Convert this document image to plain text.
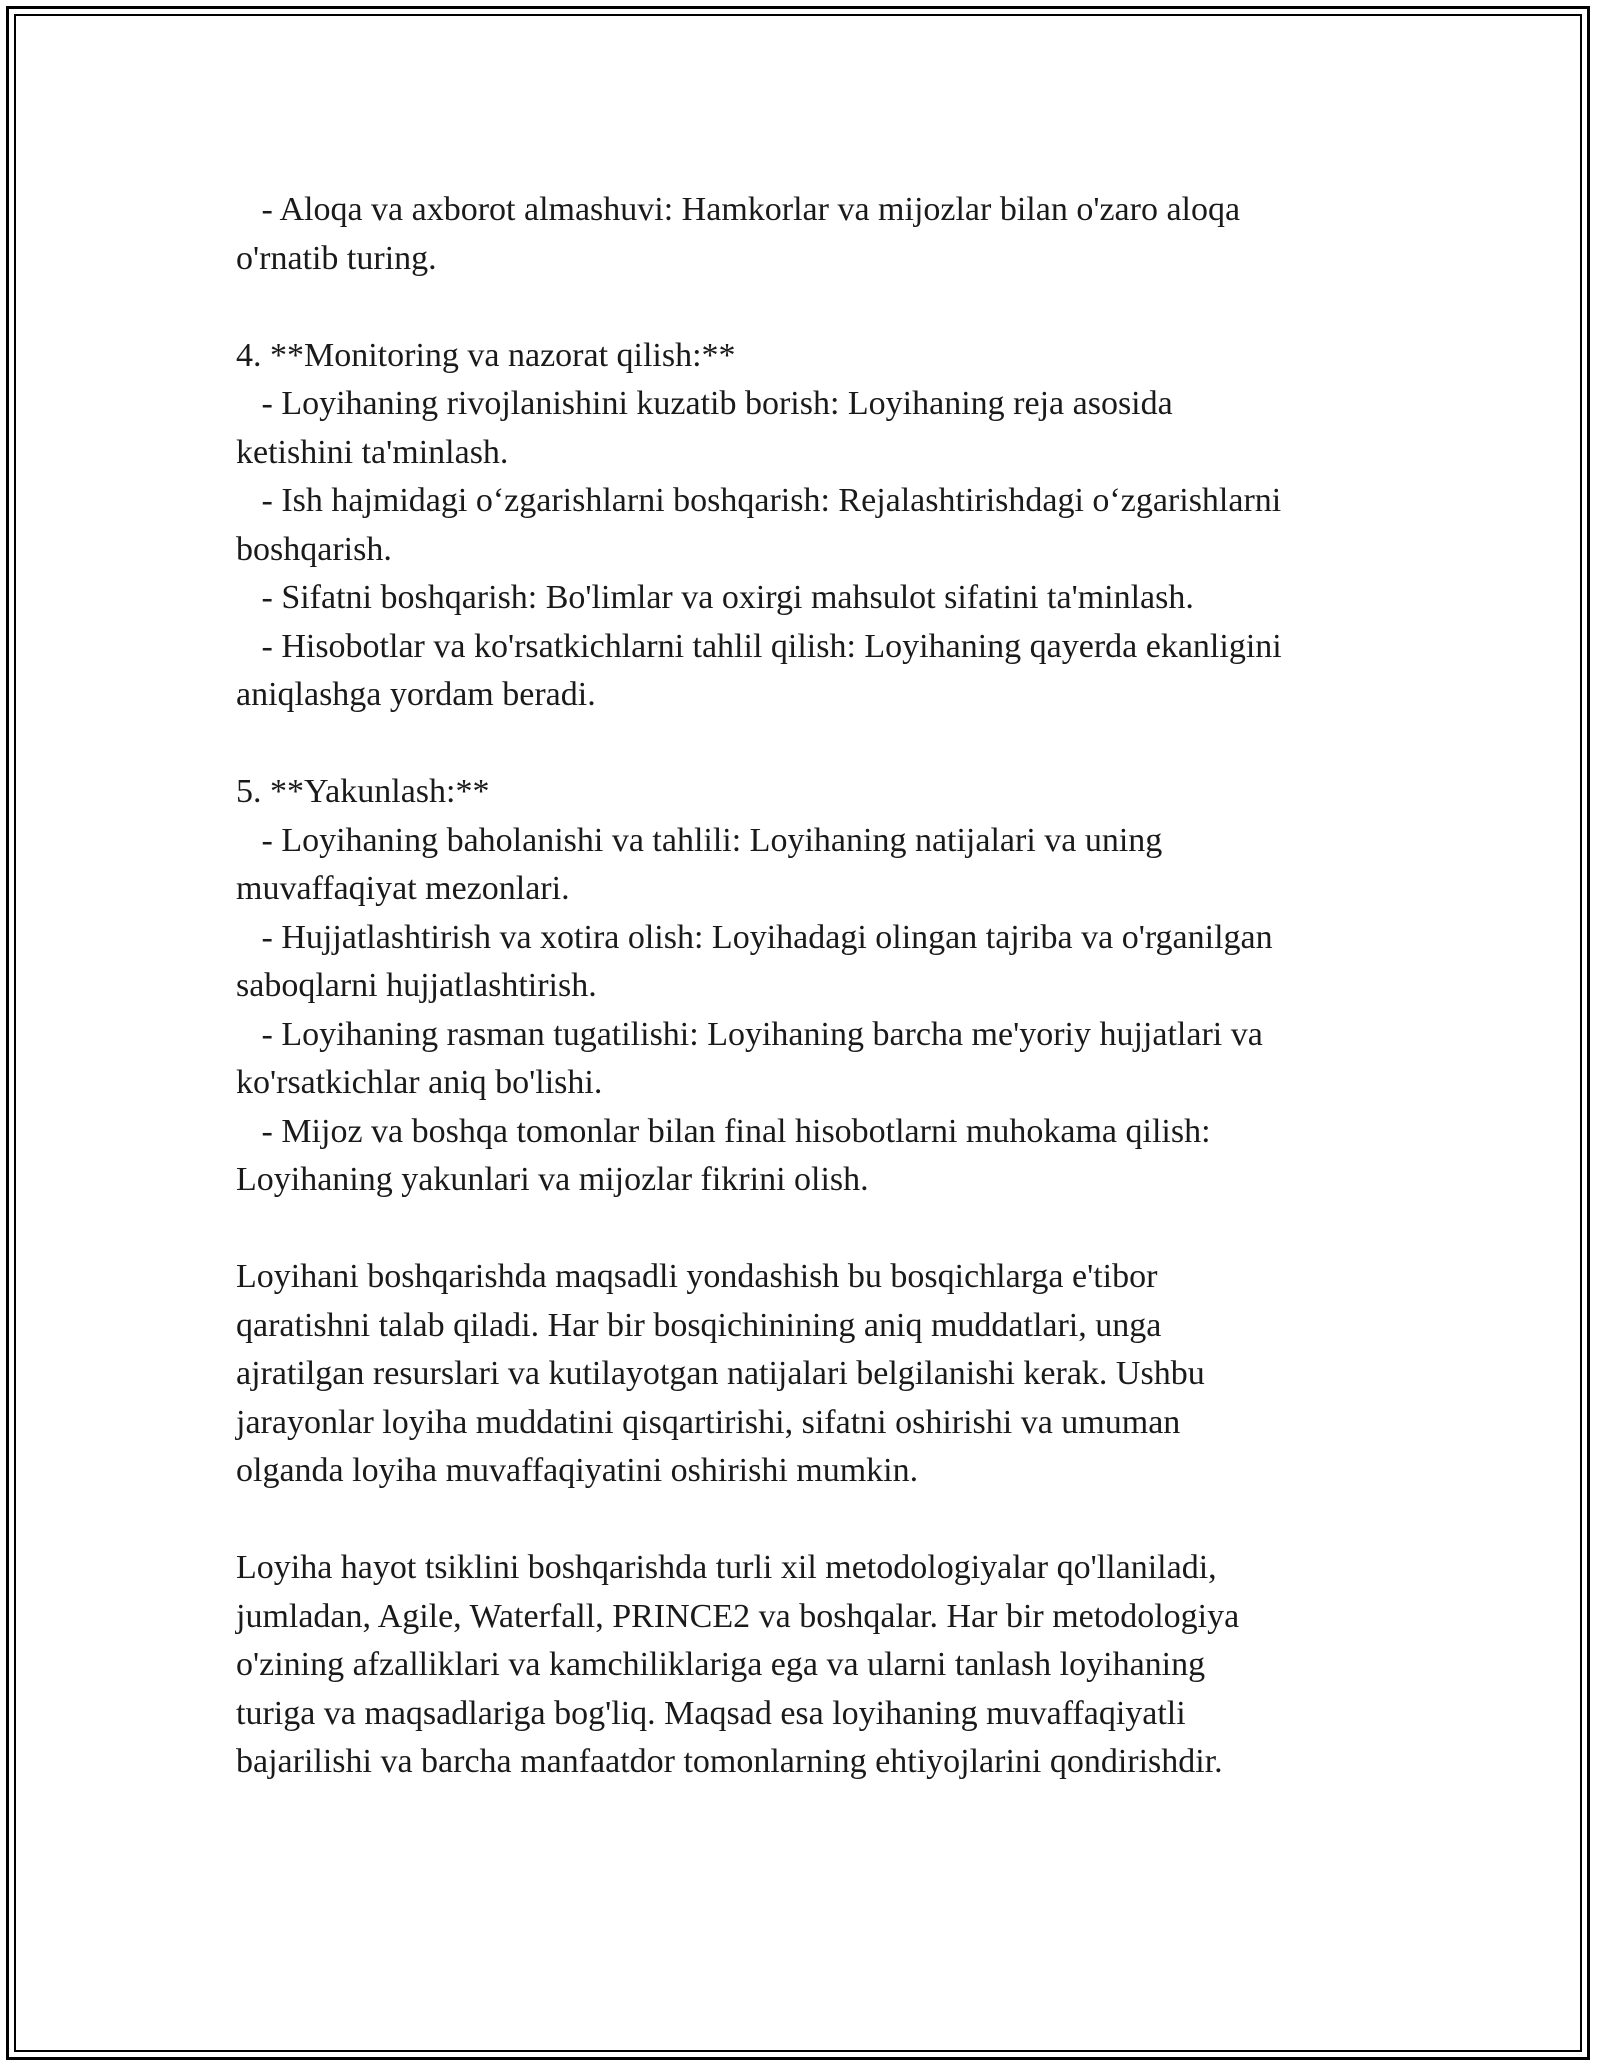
- Aloqa va axborot almashuvi: Hamkorlar va mijozlar bilan o'zaro aloqa

o'rnatib turing.

4. **Monitoring va nazorat qilish:**

- Loyihaning rivojlanishini kuzatib borish: Loyihaning reja asosida

ketishini ta'minlash.

- Ish hajmidagi o‘zgarishlarni boshqarish: Rejalashtirishdagi o‘zgarishlarni

boshqarish.

- Sifatni boshqarish: Bo'limlar va oxirgi mahsulot sifatini ta'minlash.

- Hisobotlar va ko'rsatkichlarni tahlil qilish: Loyihaning qayerda ekanligini

aniqlashga yordam beradi.

5. **Yakunlash:**

- Loyihaning baholanishi va tahlili: Loyihaning natijalari va uning

muvaffaqiyat mezonlari.

- Hujjatlashtirish va xotira olish: Loyihadagi olingan tajriba va o'rganilgan

saboqlarni hujjatlashtirish.

- Loyihaning rasman tugatilishi: Loyihaning barcha me'yoriy hujjatlari va

ko'rsatkichlar aniq bo'lishi.

- Mijoz va boshqa tomonlar bilan final hisobotlarni muhokama qilish:

Loyihaning yakunlari va mijozlar fikrini olish.

Loyihani boshqarishda maqsadli yondashish bu bosqichlarga e'tibor

qaratishni talab qiladi. Har bir bosqichinining aniq muddatlari, unga

ajratilgan resurslari va kutilayotgan natijalari belgilanishi kerak. Ushbu

jarayonlar loyiha muddatini qisqartirishi, sifatni oshirishi va umuman

olganda loyiha muvaffaqiyatini oshirishi mumkin.

Loyiha hayot tsiklini boshqarishda turli xil metodologiyalar qo'llaniladi,

jumladan, Agile, Waterfall, PRINCE2 va boshqalar. Har bir metodologiya

o'zining afzalliklari va kamchiliklariga ega va ularni tanlash loyihaning

turiga va maqsadlariga bog'liq. Maqsad esa loyihaning muvaffaqiyatli

bajarilishi va barcha manfaatdor tomonlarning ehtiyojlarini qondirishdir.
